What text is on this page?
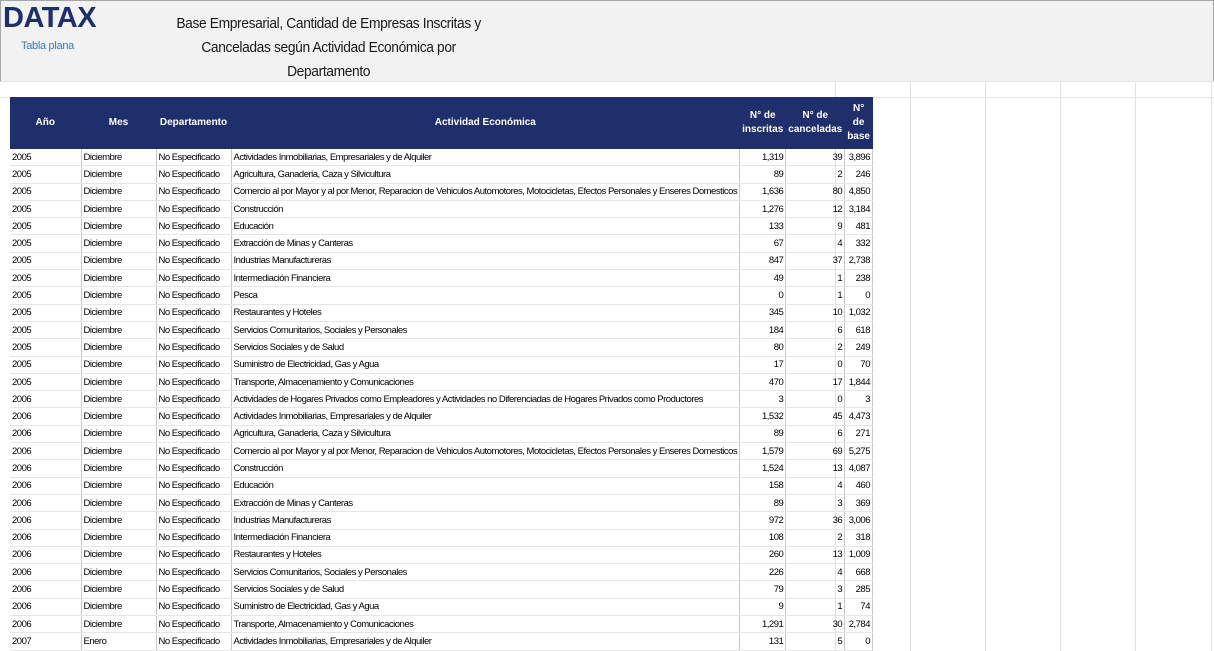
DATAX
Tabla plana
Base Empresarial, Cantidad de Empresas Inscritas y
Canceladas según Actividad Económica por Departamento
Año	Mes	Departamento	Actividad Económica	N° de inscritas	N° de canceladas	N° de base
2005	Diciembre	No Especificado	Actividades Inmobiliarias, Empresariales y de Alquiler	1,319	39	3,896
2005	Diciembre	No Especificado	Agricultura, Ganaderia, Caza y Silvicultura	89	2	246
2005	Diciembre	No Especificado	Comercio al por Mayor y al por Menor, Reparacion de Vehiculos Automotores, Motocicletas, Efectos Personales y Enseres Domesticos	1,636	80	4,850
2005	Diciembre	No Especificado	Construcción	1,276	12	3,184
2005	Diciembre	No Especificado	Educación	133	9	481
2005	Diciembre	No Especificado	Extracción de Minas y Canteras	67	4	332
2005	Diciembre	No Especificado	Industrias Manufactureras	847	37	2,738
2005	Diciembre	No Especificado	Intermediación Financiera	49	1	238
2005	Diciembre	No Especificado	Pesca	0	1	0
2005	Diciembre	No Especificado	Restaurantes y Hoteles	345	10	1,032
2005	Diciembre	No Especificado	Servicios Comunitarios, Sociales y Personales	184	6	618
2005	Diciembre	No Especificado	Servicios Sociales y de Salud	80	2	249
2005	Diciembre	No Especificado	Suministro de Electricidad, Gas y Agua	17	0	70
2005	Diciembre	No Especificado	Transporte, Almacenamiento y Comunicaciones	470	17	1,844
2006	Diciembre	No Especificado	Actividades de Hogares Privados como Empleadores y Actividades no Diferenciadas de Hogares Privados como Productores	3	0	3
2006	Diciembre	No Especificado	Actividades Inmobiliarias, Empresariales y de Alquiler	1,532	45	4,473
2006	Diciembre	No Especificado	Agricultura, Ganaderia, Caza y Silvicultura	89	6	271
2006	Diciembre	No Especificado	Comercio al por Mayor y al por Menor, Reparacion de Vehiculos Automotores, Motocicletas, Efectos Personales y Enseres Domesticos	1,579	69	5,275
2006	Diciembre	No Especificado	Construcción	1,524	13	4,087
2006	Diciembre	No Especificado	Educación	158	4	460
2006	Diciembre	No Especificado	Extracción de Minas y Canteras	89	3	369
2006	Diciembre	No Especificado	Industrias Manufactureras	972	36	3,006
2006	Diciembre	No Especificado	Intermediación Financiera	108	2	318
2006	Diciembre	No Especificado	Restaurantes y Hoteles	260	13	1,009
2006	Diciembre	No Especificado	Servicios Comunitarios, Sociales y Personales	226	4	668
2006	Diciembre	No Especificado	Servicios Sociales y de Salud	79	3	285
2006	Diciembre	No Especificado	Suministro de Electricidad, Gas y Agua	9	1	74
2006	Diciembre	No Especificado	Transporte, Almacenamiento y Comunicaciones	1,291	30	2,784
2007	Enero	No Especificado	Actividades Inmobiliarias, Empresariales y de Alquiler	131	5	0
